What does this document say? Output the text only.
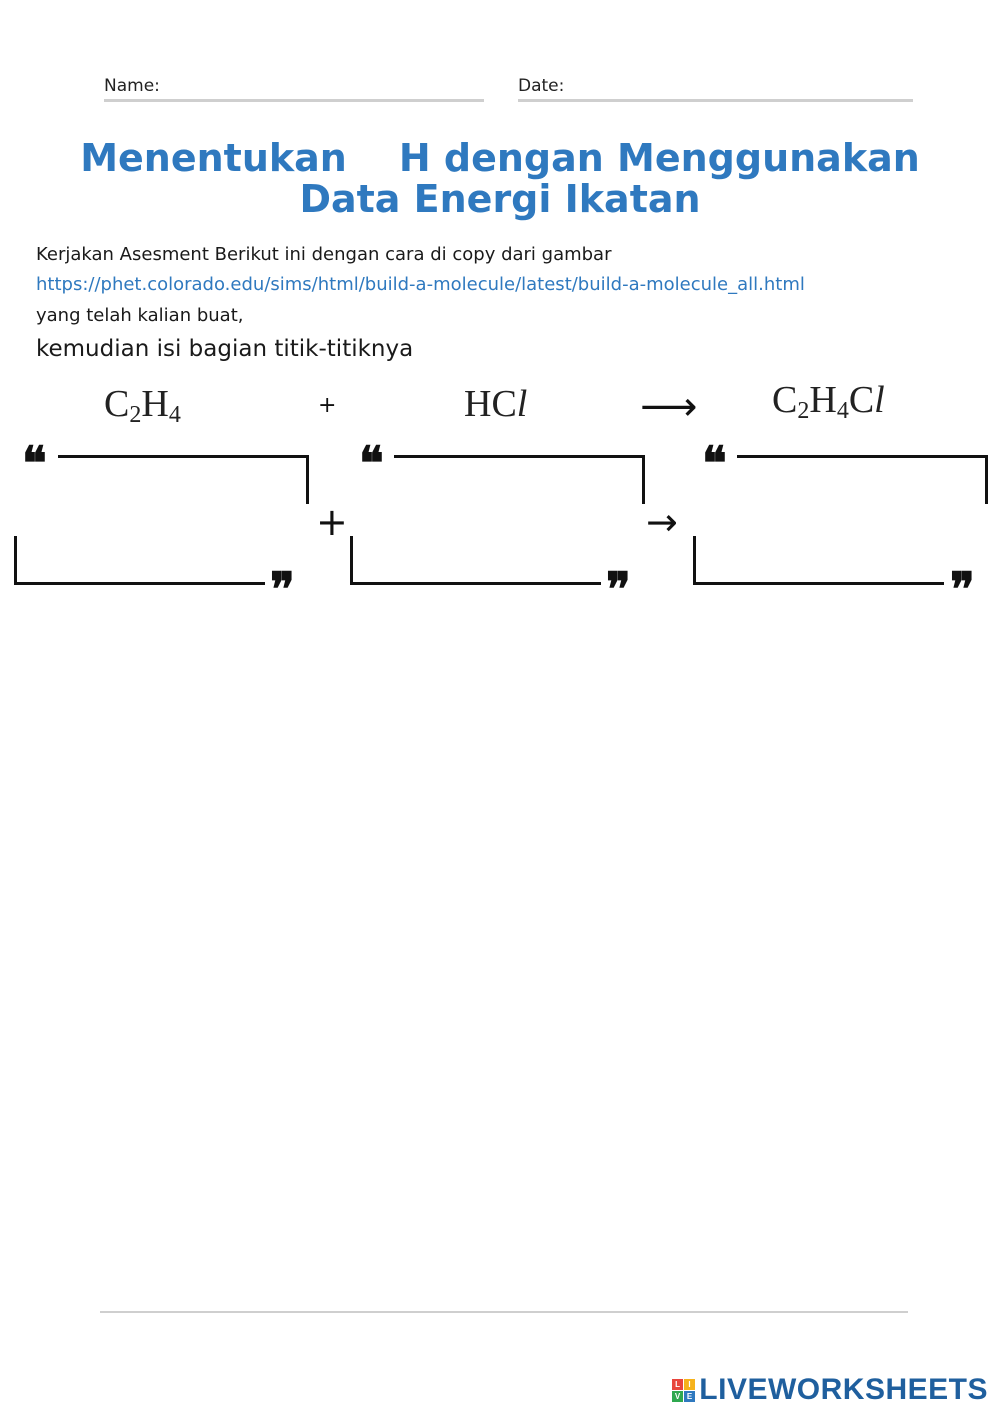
Name:	Date:
Menentukan H dengan Menggunakan
Data Energi Ikatan
Kerjakan Asesment Berikut ini dengan cara di copy dari gambar
https://phet.colorado.edu/sims/html/build-a-molecule/latest/build-a-molecule_all.html
yang telah kalian buat,
kemudian isi bagian titik-titiknya
$C_2H_4$	+	HCl	⟶ $C_2H_4Cl$
❝
❞
+
❝
❞
→
❝
❞
L I
V E LIVEWORKSHEETS
